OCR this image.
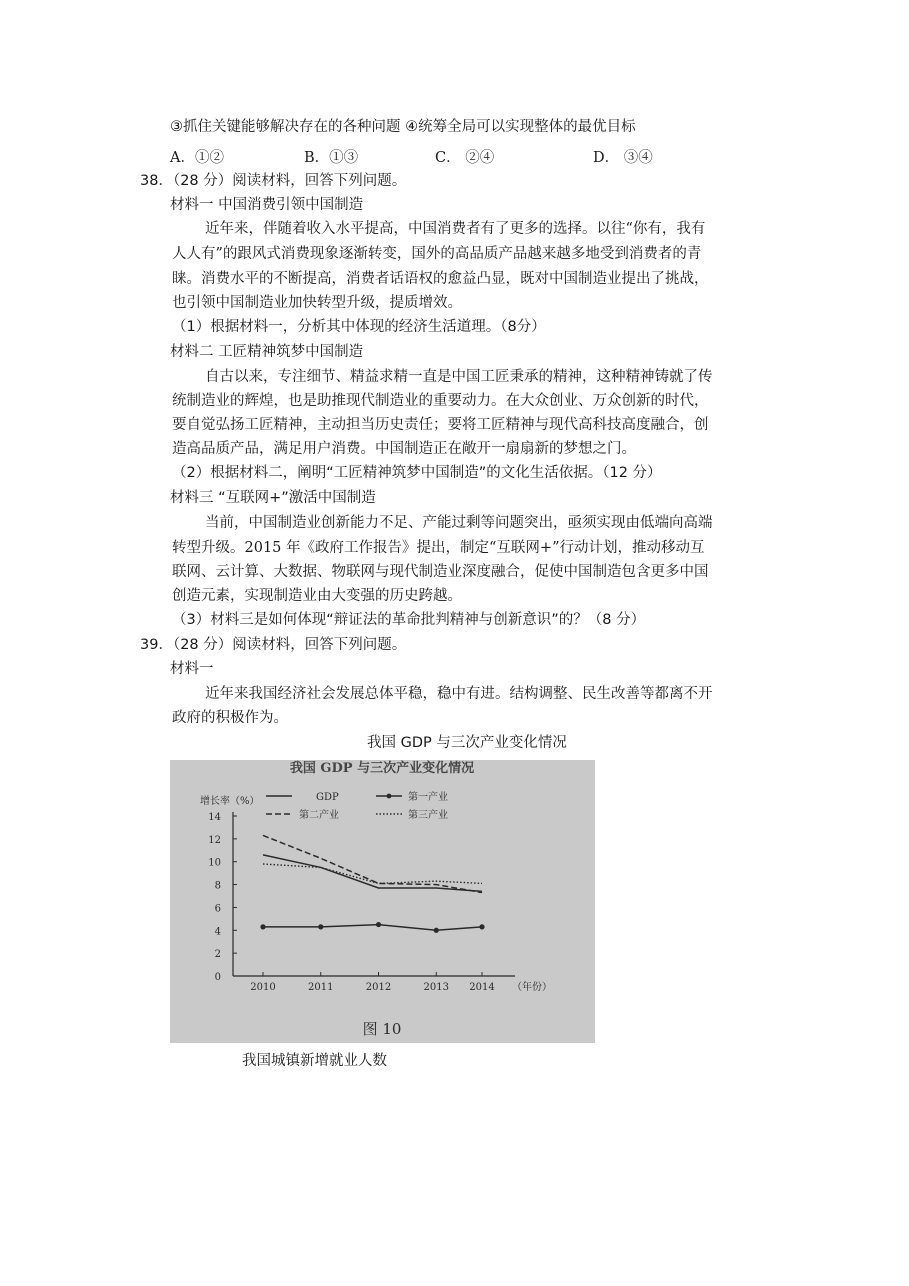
③抓住关键能够解决存在的各种问题 ④统筹全局可以实现整体的最优目标
A．①②	B．①③	C． ②④	D． ③④
38．（28 分）阅读材料，回答下列问题。
材料一 中国消费引领中国制造
近年来，伴随着收入水平提高，中国消费者有了更多的选择。以往“你有，我有
人人有”的跟风式消费现象逐渐转变，国外的高品质产品越来越多地受到消费者的青
睐。消费水平的不断提高，消费者话语权的愈益凸显，既对中国制造业提出了挑战，
也引领中国制造业加快转型升级，提质增效。
（1）根据材料一，分析其中体现的经济生活道理。（8分）
材料二 工匠精神筑梦中国制造
自古以来，专注细节、精益求精一直是中国工匠秉承的精神，这种精神铸就了传
统制造业的辉煌，也是助推现代制造业的重要动力。在大众创业、万众创新的时代，
要自觉弘扬工匠精神，主动担当历史责任；要将工匠精神与现代高科技高度融合，创
造高品质产品，满足用户消费。中国制造正在敞开一扇扇新的梦想之门。
（2）根据材料二，阐明“工匠精神筑梦中国制造”的文化生活依据。（12 分）
材料三 “互联网+”激活中国制造
当前，中国制造业创新能力不足、产能过剩等问题突出，亟须实现由低端向高端
转型升级。2015 年《政府工作报告》提出，制定“互联网+”行动计划，推动移动互
联网、云计算、大数据、物联网与现代制造业深度融合，促使中国制造包含更多中国
创造元素，实现制造业由大变强的历史跨越。
（3）材料三是如何体现“辩证法的革命批判精神与创新意识”的？（8 分）
39．（28 分）阅读材料，回答下列问题。
材料一
近年来我国经济社会发展总体平稳，稳中有进。结构调整、民生改善等都离不开
政府的积极作为。
我国 GDP 与三次产业变化情况
我国 GDP 与三次产业变化情况
增长率（%）
0
2
4
6
8
10
12
14
2010	2011	2012	2013 2014 （年份）
GDP	第一产业
第二产业	第三产业
图 10
我国城镇新增就业人数
